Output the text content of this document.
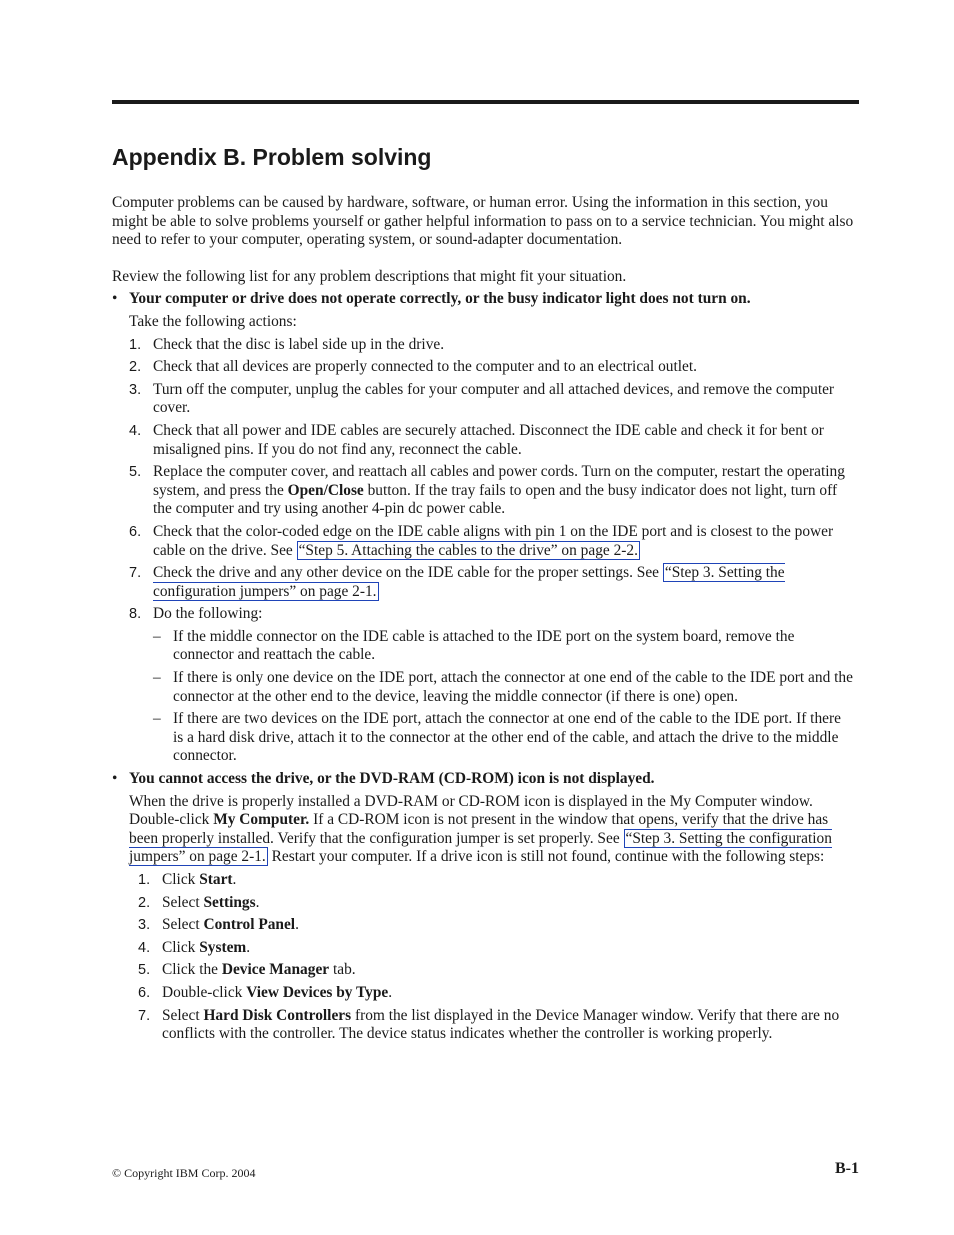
Appendix B. Problem solving

Computer problems can be caused by hardware, software, or human error. Using the information in this section, you might be able to solve problems yourself or gather helpful information to pass on to a service technician. You might also need to refer to your computer, operating system, or sound-adapter documentation.

Review the following list for any problem descriptions that might fit your situation.

• Your computer or drive does not operate correctly, or the busy indicator light does not turn on.

Take the following actions:

1. Check that the disc is label side up in the drive.
2. Check that all devices are properly connected to the computer and to an electrical outlet.
3. Turn off the computer, unplug the cables for your computer and all attached devices, and remove the computer cover.
4. Check that all power and IDE cables are securely attached. Disconnect the IDE cable and check it for bent or misaligned pins. If you do not find any, reconnect the cable.
5. Replace the computer cover, and reattach all cables and power cords. Turn on the computer, restart the operating system, and press the Open/Close button. If the tray fails to open and the busy indicator does not light, turn off the computer and try using another 4-pin dc power cable.
6. Check that the color-coded edge on the IDE cable aligns with pin 1 on the IDE port and is closest to the power cable on the drive. See “Step 5. Attaching the cables to the drive” on page 2-2.
7. Check the drive and any other device on the IDE cable for the proper settings. See “Step 3. Setting the configuration jumpers” on page 2-1.
8. Do the following:
– If the middle connector on the IDE cable is attached to the IDE port on the system board, remove the connector and reattach the cable.
– If there is only one device on the IDE port, attach the connector at one end of the cable to the IDE port and the connector at the other end to the device, leaving the middle connector (if there is one) open.
– If there are two devices on the IDE port, attach the connector at one end of the cable to the IDE port. If there is a hard disk drive, attach it to the connector at the other end of the cable, and attach the drive to the middle connector.
• You cannot access the drive, or the DVD-RAM (CD-ROM) icon is not displayed.

When the drive is properly installed a DVD-RAM or CD-ROM icon is displayed in the My Computer window. Double-click My Computer. If a CD-ROM icon is not present in the window that opens, verify that the drive has been properly installed. Verify that the configuration jumper is set properly. See “Step 3. Setting the configuration jumpers” on page 2-1. Restart your computer. If a drive icon is still not found, continue with the following steps:

1. Click Start.
2. Select Settings.
3. Select Control Panel.
4. Click System.
5. Click the Device Manager tab.
6. Double-click View Devices by Type.
7. Select Hard Disk Controllers from the list displayed in the Device Manager window. Verify that there are no conflicts with the controller. The device status indicates whether the controller is working properly.
© Copyright IBM Corp. 2004	B-1
